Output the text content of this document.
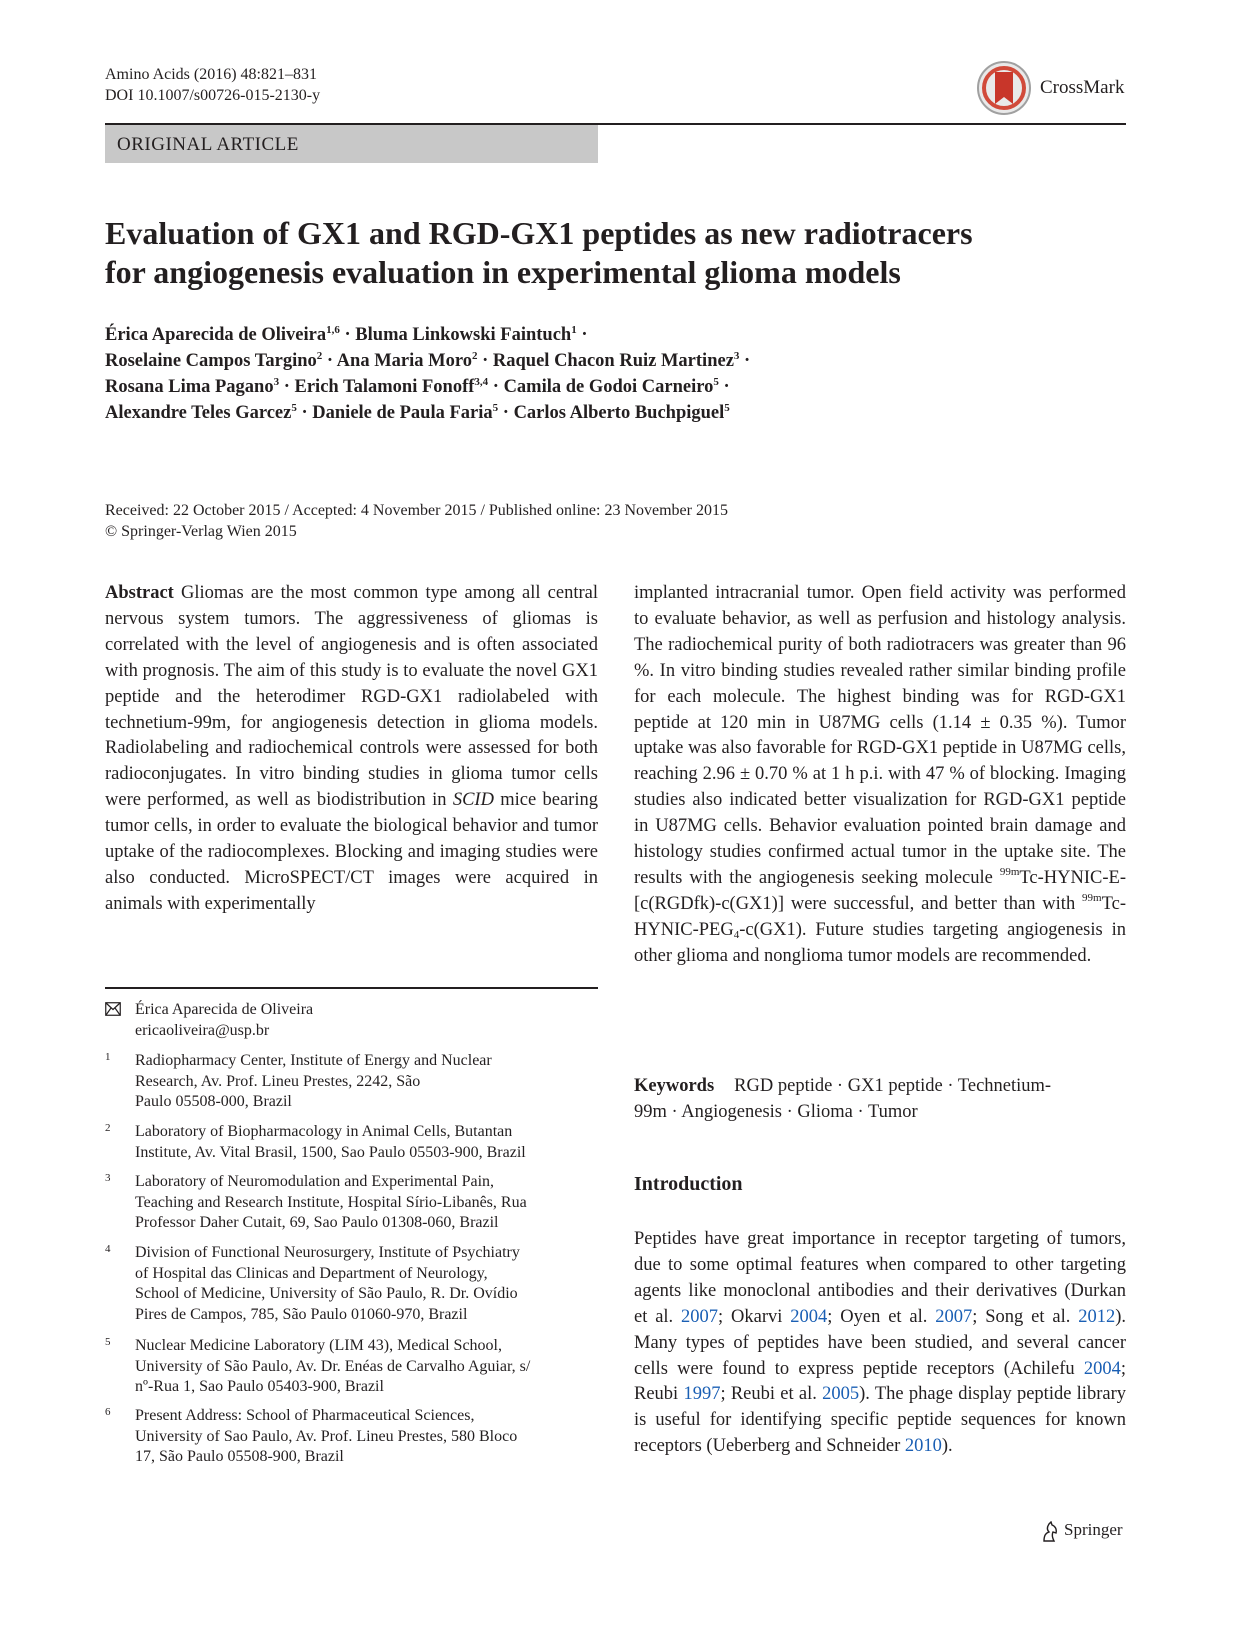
Amino Acids (2016) 48:821–831
DOI 10.1007/s00726-015-2130-y	CrossMark
ORIGINAL ARTICLE
Evaluation of GX1 and RGD-GX1 peptides as new radiotracers
for angiogenesis evaluation in experimental glioma models
Érica Aparecida de Oliveira$^{1,6}$ · Bluma Linkowski Faintuch$^1$ ·
Roselaine Campos Targino$^2$ · Ana Maria Moro$^2$ · Raquel Chacon Ruiz Martinez$^3$ ·
Rosana Lima Pagano$^3$ · Erich Talamoni Fonoff$^{3,4}$ · Camila de Godoi Carneiro$^5$ ·
Alexandre Teles Garcez$^5$ · Daniele de Paula Faria$^5$ · Carlos Alberto Buchpiguel$^5$
Received: 22 October 2015 / Accepted: 4 November 2015 / Published online: 23 November 2015
© Springer-Verlag Wien 2015

Abstract Gliomas are the most common type among all central nervous system tumors. The aggressiveness of gliomas is correlated with the level of angiogenesis and is often associated with prognosis. The aim of this study is to evaluate the novel GX1 peptide and the heterodimer RGD-GX1 radiolabeled with technetium-99m, for angiogenesis detection in glioma models. Radiolabeling and radiochemical controls were assessed for both radioconjugates. In vitro binding studies in glioma tumor cells were performed, as well as biodistribution in SCID mice bearing tumor cells, in order to evaluate the biological behavior and tumor uptake of the radiocomplexes. Blocking and imaging studies were also conducted. MicroSPECT/CT images were acquired in animals with experimentally

implanted intracranial tumor. Open field activity was performed to evaluate behavior, as well as perfusion and histology analysis. The radiochemical purity of both radiotracers was greater than 96 %. In vitro binding studies revealed rather similar binding profile for each molecule. The highest binding was for RGD-GX1 peptide at 120 min in U87MG cells (1.14 ± 0.35 %). Tumor uptake was also favorable for RGD-GX1 peptide in U87MG cells, reaching 2.96 ± 0.70 % at 1 h p.i. with 47 % of blocking. Imaging studies also indicated better visualization for RGD-GX1 peptide in U87MG cells. Behavior evaluation pointed brain damage and histology studies confirmed actual tumor in the uptake site. The results with the angiogenesis seeking molecule $^{99m}$Tc-HYNIC-E-[c(RGDfk)-c(GX1)] were successful, and better than with $^{99m}Tc-HYNIC-PEG_4-c(GX1)$. Future studies targeting angiogenesis in other glioma and nonglioma tumor models are recommended.

Keywords RGD peptide · GX1 peptide · Technetium-
99m · Angiogenesis · Glioma · Tumor
Érica Aparecida de Oliveira
ericaoliveira@usp.br
1 Radiopharmacy Center, Institute of Energy and Nuclear
Research, Av. Prof. Lineu Prestes, 2242, São
Paulo 05508-000, Brazil
2 Laboratory of Biopharmacology in Animal Cells, Butantan
Institute, Av. Vital Brasil, 1500, Sao Paulo 05503-900, Brazil
3 Laboratory of Neuromodulation and Experimental Pain,
Teaching and Research Institute, Hospital Sírio-Libanês, Rua
Professor Daher Cutait, 69, Sao Paulo 01308-060, Brazil
4 Division of Functional Neurosurgery, Institute of Psychiatry
of Hospital das Clinicas and Department of Neurology,
School of Medicine, University of São Paulo, R. Dr. Ovídio
Pires de Campos, 785, São Paulo 01060-970, Brazil
5 Nuclear Medicine Laboratory (LIM 43), Medical School,
University of São Paulo, Av. Dr. Enéas de Carvalho Aguiar, s/
nº-Rua 1, Sao Paulo 05403-900, Brazil
6 Present Address: School of Pharmaceutical Sciences,
University of Sao Paulo, Av. Prof. Lineu Prestes, 580 Bloco
17, São Paulo 05508-900, Brazil
Introduction

Peptides have great importance in receptor targeting of tumors, due to some optimal features when compared to other targeting agents like monoclonal antibodies and their derivatives (Durkan et al. 2007; Okarvi 2004; Oyen et al. 2007; Song et al. 2012). Many types of peptides have been studied, and several cancer cells were found to express peptide receptors (Achilefu 2004; Reubi 1997; Reubi et al. 2005). The phage display peptide library is useful for identifying specific peptide sequences for known receptors (Ueberberg and Schneider 2010).

Springer
